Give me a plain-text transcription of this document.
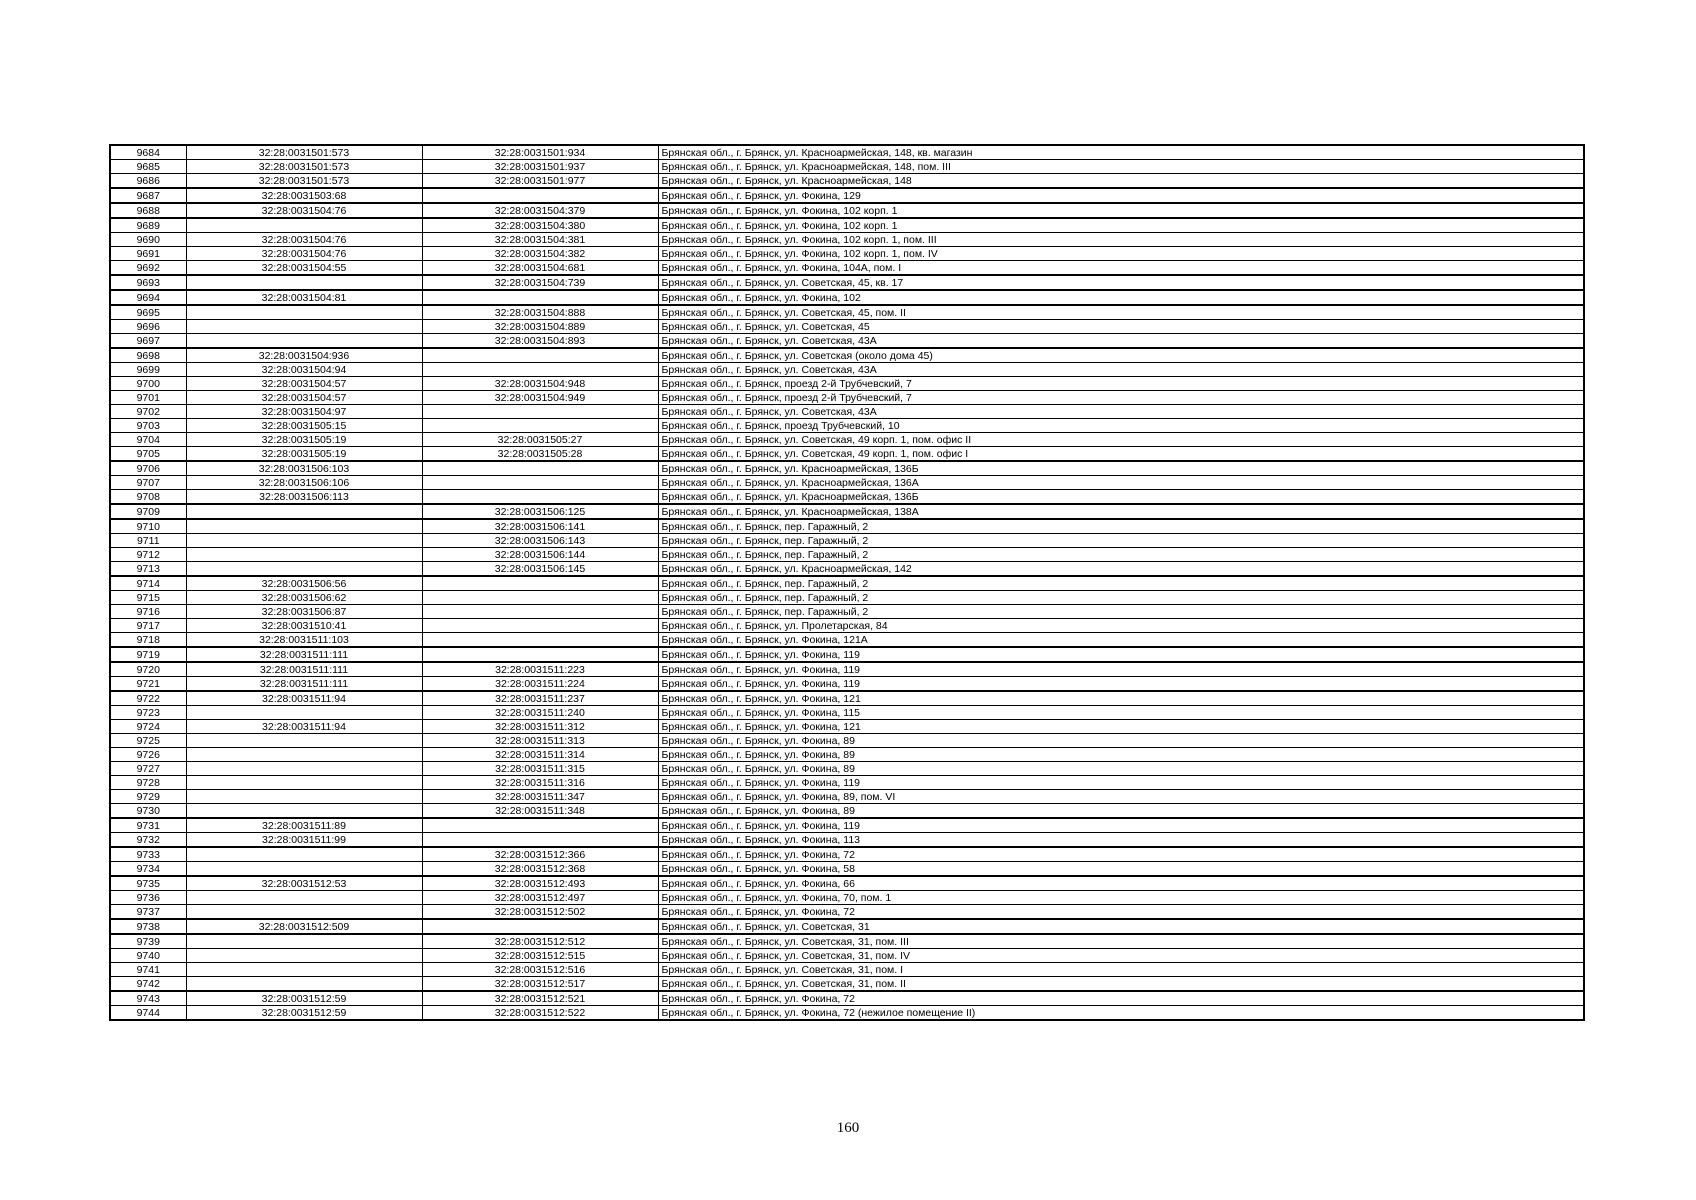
9684	32:28:0031501:573	32:28:0031501:934	Брянская обл., г. Брянск, ул. Красноармейская, 148, кв. магазин
9685	32:28:0031501:573	32:28:0031501:937	Брянская обл., г. Брянск, ул. Красноармейская, 148, пом. III
9686	32:28:0031501:573	32:28:0031501:977	Брянская обл., г. Брянск, ул. Красноармейская, 148
9687	32:28:0031503:68		Брянская обл., г. Брянск, ул. Фокина, 129
9688	32:28:0031504:76	32:28:0031504:379	Брянская обл., г. Брянск, ул. Фокина, 102 корп. 1
9689		32:28:0031504:380	Брянская обл., г. Брянск, ул. Фокина, 102 корп. 1
9690	32:28:0031504:76	32:28:0031504:381	Брянская обл., г. Брянск, ул. Фокина, 102 корп. 1, пом. III
9691	32:28:0031504:76	32:28:0031504:382	Брянская обл., г. Брянск, ул. Фокина, 102 корп. 1, пом. IV
9692	32:28:0031504:55	32:28:0031504:681	Брянская обл., г. Брянск, ул. Фокина, 104А, пом. I
9693		32:28:0031504:739	Брянская обл., г. Брянск, ул. Советская, 45, кв. 17
9694	32:28:0031504:81		Брянская обл., г. Брянск, ул. Фокина, 102
9695		32:28:0031504:888	Брянская обл., г. Брянск, ул. Советская, 45, пом. II
9696		32:28:0031504:889	Брянская обл., г. Брянск, ул. Советская, 45
9697		32:28:0031504:893	Брянская обл., г. Брянск, ул. Советская, 43А
9698	32:28:0031504:936		Брянская обл., г. Брянск, ул. Советская (около дома 45)
9699	32:28:0031504:94		Брянская обл., г. Брянск, ул. Советская, 43А
9700	32:28:0031504:57	32:28:0031504:948	Брянская обл., г. Брянск, проезд 2-й Трубчевский, 7
9701	32:28:0031504:57	32:28:0031504:949	Брянская обл., г. Брянск, проезд 2-й Трубчевский, 7
9702	32:28:0031504:97		Брянская обл., г. Брянск, ул. Советская, 43А
9703	32:28:0031505:15		Брянская обл., г. Брянск, проезд Трубчевский, 10
9704	32:28:0031505:19	32:28:0031505:27	Брянская обл., г. Брянск, ул. Советская, 49 корп. 1, пом. офис II
9705	32:28:0031505:19	32:28:0031505:28	Брянская обл., г. Брянск, ул. Советская, 49 корп. 1, пом. офис I
9706	32:28:0031506:103		Брянская обл., г. Брянск, ул. Красноармейская, 136Б
9707	32:28:0031506:106		Брянская обл., г. Брянск, ул. Красноармейская, 136А
9708	32:28:0031506:113		Брянская обл., г. Брянск, ул. Красноармейская, 136Б
9709		32:28:0031506:125	Брянская обл., г. Брянск, ул. Красноармейская, 138А
9710		32:28:0031506:141	Брянская обл., г. Брянск, пер. Гаражный, 2
9711		32:28:0031506:143	Брянская обл., г. Брянск, пер. Гаражный, 2
9712		32:28:0031506:144	Брянская обл., г. Брянск, пер. Гаражный, 2
9713		32:28:0031506:145	Брянская обл., г. Брянск, ул. Красноармейская, 142
9714	32:28:0031506:56		Брянская обл., г. Брянск, пер. Гаражный, 2
9715	32:28:0031506:62		Брянская обл., г. Брянск, пер. Гаражный, 2
9716	32:28:0031506:87		Брянская обл., г. Брянск, пер. Гаражный, 2
9717	32:28:0031510:41		Брянская обл., г. Брянск, ул. Пролетарская, 84
9718	32:28:0031511:103		Брянская обл., г. Брянск, ул. Фокина, 121А
9719	32:28:0031511:111		Брянская обл., г. Брянск, ул. Фокина, 119
9720	32:28:0031511:111	32:28:0031511:223	Брянская обл., г. Брянск, ул. Фокина, 119
9721	32:28:0031511:111	32:28:0031511:224	Брянская обл., г. Брянск, ул. Фокина, 119
9722	32:28:0031511:94	32:28:0031511:237	Брянская обл., г. Брянск, ул. Фокина, 121
9723		32:28:0031511:240	Брянская обл., г. Брянск, ул. Фокина, 115
9724	32:28:0031511:94	32:28:0031511:312	Брянская обл., г. Брянск, ул. Фокина, 121
9725		32:28:0031511:313	Брянская обл., г. Брянск, ул. Фокина, 89
9726		32:28:0031511:314	Брянская обл., г. Брянск, ул. Фокина, 89
9727		32:28:0031511:315	Брянская обл., г. Брянск, ул. Фокина, 89
9728		32:28:0031511:316	Брянская обл., г. Брянск, ул. Фокина, 119
9729		32:28:0031511:347	Брянская обл., г. Брянск, ул. Фокина, 89, пом. VI
9730		32:28:0031511:348	Брянская обл., г. Брянск, ул. Фокина, 89
9731	32:28:0031511:89		Брянская обл., г. Брянск, ул. Фокина, 119
9732	32:28:0031511:99		Брянская обл., г. Брянск, ул. Фокина, 113
9733		32:28:0031512:366	Брянская обл., г. Брянск, ул. Фокина, 72
9734		32:28:0031512:368	Брянская обл., г. Брянск, ул. Фокина, 58
9735	32:28:0031512:53	32:28:0031512:493	Брянская обл., г. Брянск, ул. Фокина, 66
9736		32:28:0031512:497	Брянская обл., г. Брянск, ул. Фокина, 70, пом. 1
9737		32:28:0031512:502	Брянская обл., г. Брянск, ул. Фокина, 72
9738	32:28:0031512:509		Брянская обл., г. Брянск, ул. Советская, 31
9739		32:28:0031512:512	Брянская обл., г. Брянск, ул. Советская, 31, пом. III
9740		32:28:0031512:515	Брянская обл., г. Брянск, ул. Советская, 31, пом. IV
9741		32:28:0031512:516	Брянская обл., г. Брянск, ул. Советская, 31, пом. I
9742		32:28:0031512:517	Брянская обл., г. Брянск, ул. Советская, 31, пом. II
9743	32:28:0031512:59	32:28:0031512:521	Брянская обл., г. Брянск, ул. Фокина, 72
9744	32:28:0031512:59	32:28:0031512:522	Брянская обл., г. Брянск, ул. Фокина, 72 (нежилое помещение II)
160
